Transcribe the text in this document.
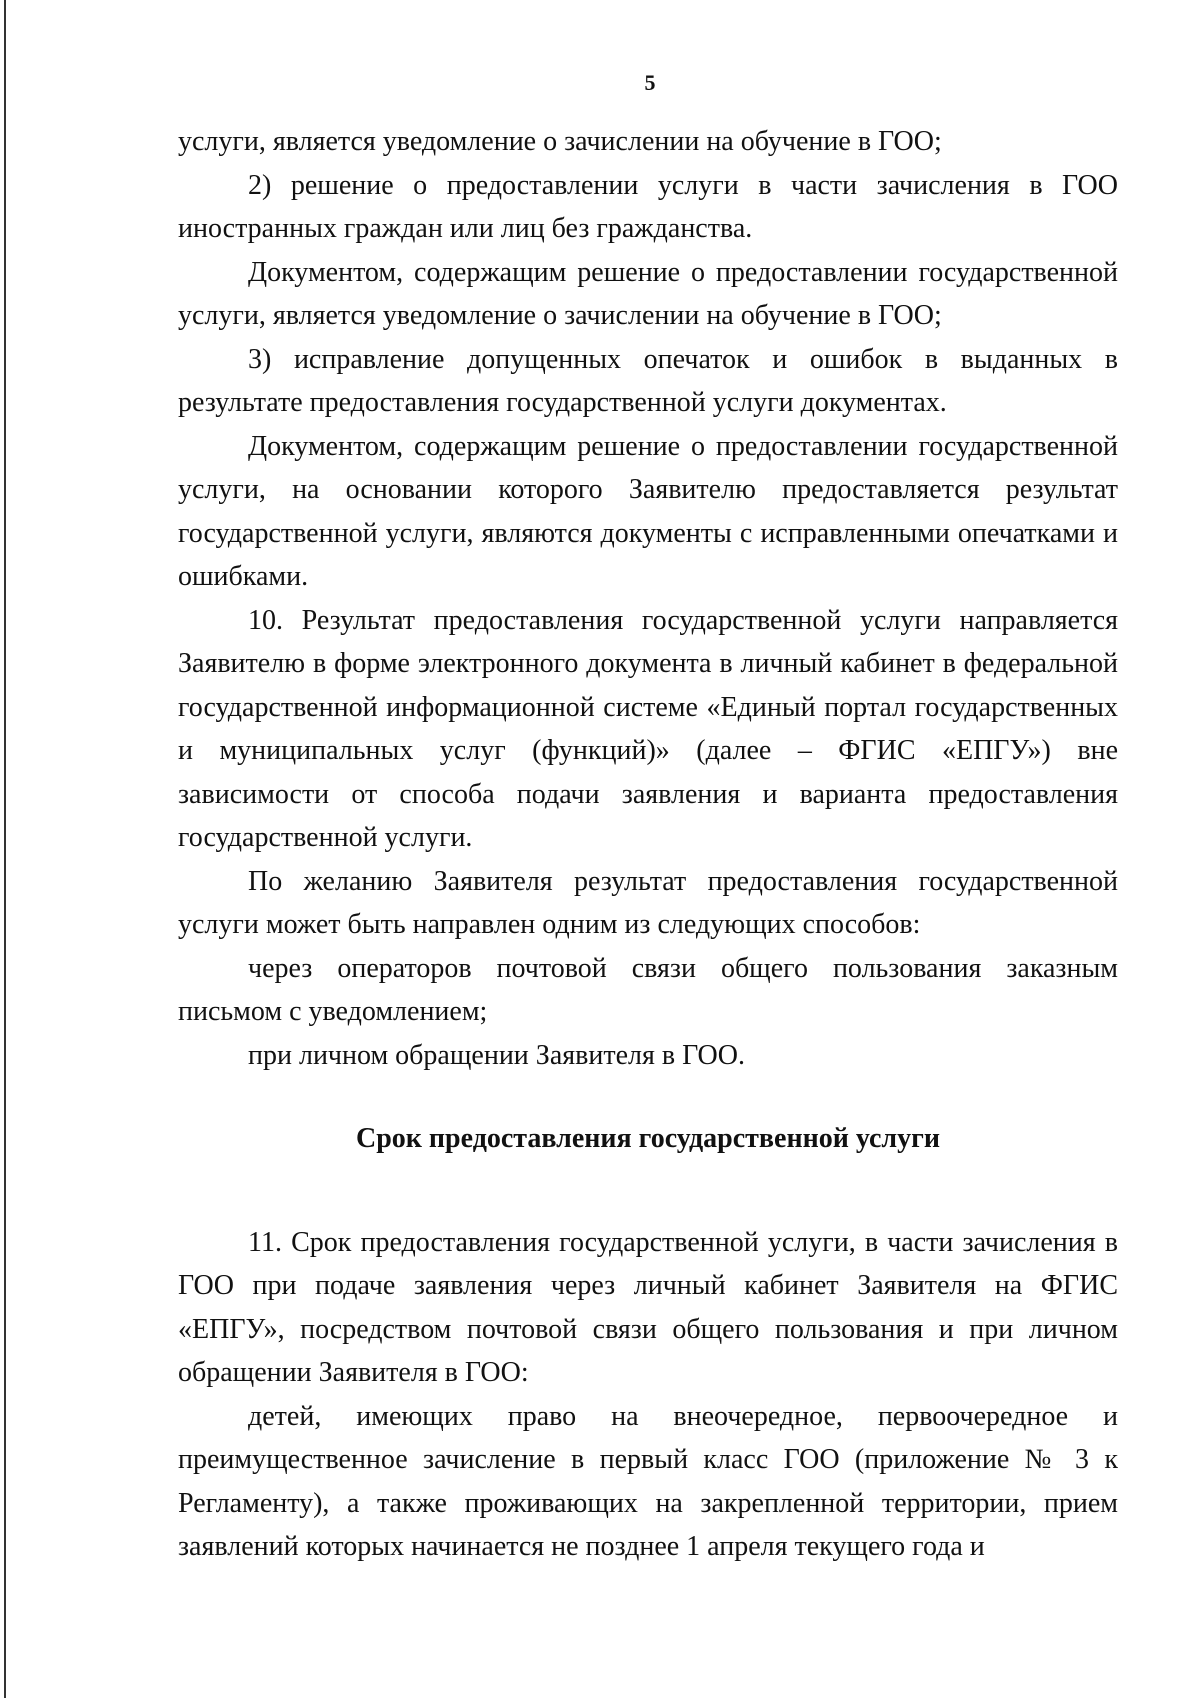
5

услуги, является уведомление о зачислении на обучение в ГОО;

2) решение о предоставлении услуги в части зачисления в ГОО иностранных граждан или лиц без гражданства.

Документом, содержащим решение о предоставлении государственной услуги, является уведомление о зачислении на обучение в ГОО;

3) исправление допущенных опечаток и ошибок в выданных в результате предоставления государственной услуги документах.

Документом, содержащим решение о предоставлении государственной услуги, на основании которого Заявителю предоставляется результат государственной услуги, являются документы с исправленными опечатками и ошибками.

10. Результат предоставления государственной услуги направляется Заявителю в форме электронного документа в личный кабинет в федеральной государственной информационной системе «Единый портал государственных и муниципальных услуг (функций)» (далее – ФГИС «ЕПГУ») вне зависимости от способа подачи заявления и варианта предоставления государственной услуги.

По желанию Заявителя результат предоставления государственной услуги может быть направлен одним из следующих способов:

через операторов почтовой связи общего пользования заказным письмом с уведомлением;

при личном обращении Заявителя в ГОО.

Срок предоставления государственной услуги

11. Срок предоставления государственной услуги, в части зачисления в ГОО при подаче заявления через личный кабинет Заявителя на ФГИС «ЕПГУ», посредством почтовой связи общего пользования и при личном обращении Заявителя в ГОО:

детей, имеющих право на внеочередное, первоочередное и преимущественное зачисление в первый класс ГОО (приложение № 3 к Регламенту), а также проживающих на закрепленной территории, прием заявлений которых начинается не позднее 1 апреля текущего года и
